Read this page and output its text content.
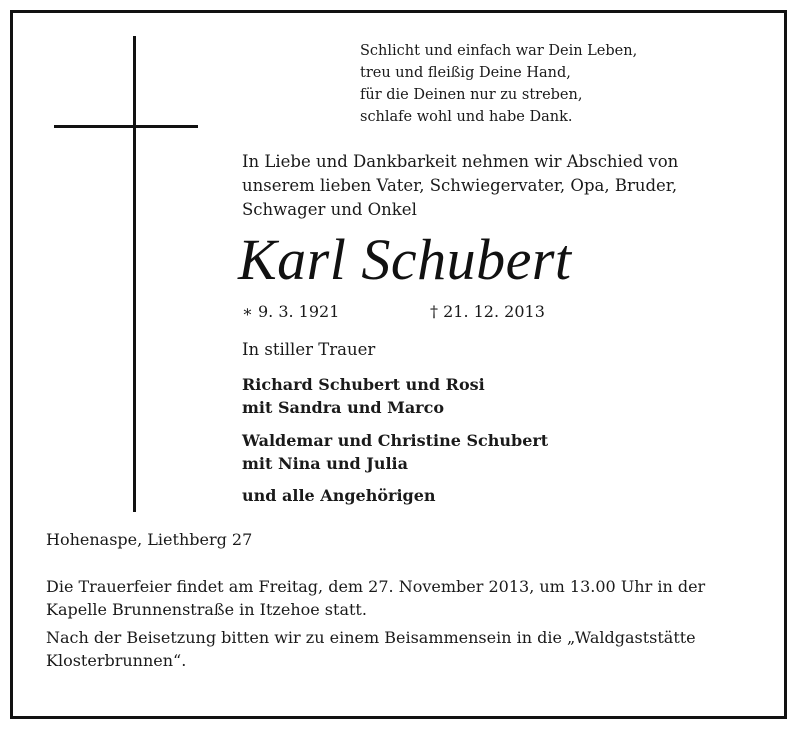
Schlicht und einfach war Dein Leben,
treu und fleißig Deine Hand,
für die Deinen nur zu streben,
schlafe wohl und habe Dank.
In Liebe und Dankbarkeit nehmen wir Abschied von
unserem lieben Vater, Schwiegervater, Opa, Bruder,
Schwager und Onkel
Karl Schubert
∗ 9. 3. 1921	† 21. 12. 2013
In stiller Trauer
Richard Schubert und Rosi
mit Sandra und Marco
Waldemar und Christine Schubert
mit Nina und Julia
und alle Angehörigen
Hohenaspe, Liethberg 27

Die Trauerfeier findet am Freitag, dem 27. November 2013, um 13.00 Uhr in der
Kapelle Brunnenstraße in Itzehoe statt.

Nach der Beisetzung bitten wir zu einem Beisammensein in die „Waldgaststätte
Klosterbrunnen“.
